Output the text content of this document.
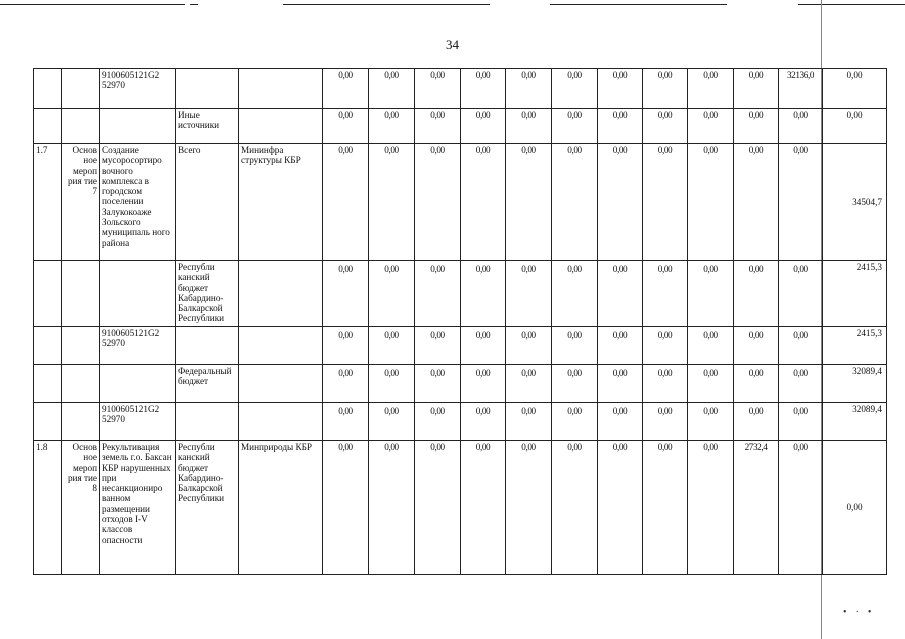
34
		9100605121G2 52970			0,00	0,00	0,00	0,00	0,00	0,00	0,00	0,00	0,00	0,00	32136,0	0,00
			Иные источники		0,00	0,00	0,00	0,00	0,00	0,00	0,00	0,00	0,00	0,00	0,00	0,00
1.7	Основ ное мероп рия тие 7	Создание мусоросортиро вочного комплекса в городском поселении Залукокоаже Зольского муниципаль ного района	Всего	Мининфра структуры КБР	0,00	0,00	0,00	0,00	0,00	0,00	0,00	0,00	0,00	0,00	0,00	34504,7
			Республи канский бюджет Кабардино-Балкарской Республики		0,00	0,00	0,00	0,00	0,00	0,00	0,00	0,00	0,00	0,00	0,00	2415,3
		9100605121G2 52970			0,00	0,00	0,00	0,00	0,00	0,00	0,00	0,00	0,00	0,00	0,00	2415,3
			Федеральный бюджет		0,00	0,00	0,00	0,00	0,00	0,00	0,00	0,00	0,00	0,00	0,00	32089,4
		9100605121G2 52970			0,00	0,00	0,00	0,00	0,00	0,00	0,00	0,00	0,00	0,00	0,00	32089,4
1.8	Основ ное мероп рия тие 8	Рекультивация земель г.о. Баксан КБР нарушенных при несанкциониро ванном размещении отходов I-V классов опасности	Республи канский бюджет Кабардино-Балкарской Республики	Минприроды КБР	0,00	0,00	0,00	0,00	0,00	0,00	0,00	0,00	0,00	2732,4	0,00	0,00
•·•
